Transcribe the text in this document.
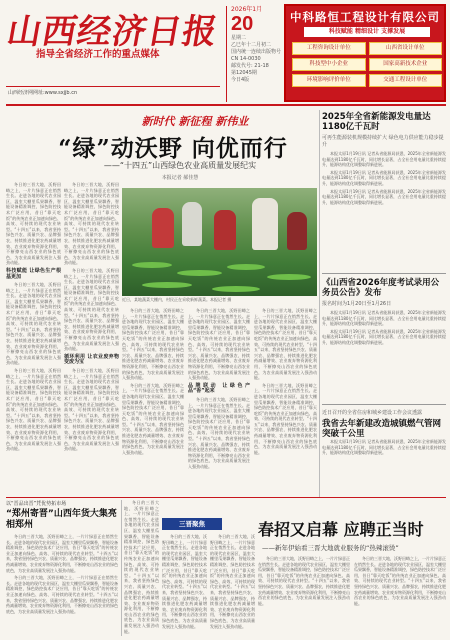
山西经济日报
指导全省经济工作的重点媒体
山西经济网网址:www.sxjjb.cn
2026年1月
20
星期二
乙巳年十二月初二
国内统一连续出版物号
CN 14-0030
邮发代号: 21-18
第12045期
今日4版
中科路恒工程设计有限公司
科技赋能 精细设计 支撑发展
工程咨询设计单位	山西省设计单位
科技型中小企业	国家高新技术企业
环境影响评价单位	交通工程设计单位
新时代 新征程 新伟业
“绿”动沃野 向优而行
——“十四五”山西绿色农业高质量发展纪实
本报记者 郝佳慧

冬日的三晋大地，沃野田畴之上，一片片绿意正在悄然生长。走进各地的现代农业园区，温室大棚里瓜果飘香，智能设备精准调控，绿色防控技术广泛应用，昔日“靠天吃饭”的传统农业正加速向绿色、高效、可持续的现代农业转型。“十四五”以来，我省坚持绿色兴农、质量兴农、品牌强农，持续推进化肥农药减量增效、农业废弃物资源化利用，不断擦亮山西农业的绿色底色，为农业高质量发展注入强劲动能。

科技赋能 让绿色生产根基更加

冬日的三晋大地，沃野田畴之上，一片片绿意正在悄然生长。走进各地的现代农业园区，温室大棚里瓜果飘香，智能设备精准调控，绿色防控技术广泛应用，昔日“靠天吃饭”的传统农业正加速向绿色、高效、可持续的现代农业转型。“十四五”以来，我省坚持绿色兴农、质量兴农、品牌强农，持续推进化肥农药减量增效、农业废弃物资源化利用，不断擦亮山西农业的绿色底色，为农业高质量发展注入强劲动能。

冬日的三晋大地，沃野田畴之上，一片片绿意正在悄然生长。走进各地的现代农业园区，温室大棚里瓜果飘香，智能设备精准调控，绿色防控技术广泛应用，昔日“靠天吃饭”的传统农业正加速向绿色、高效、可持续的现代农业转型。“十四五”以来，我省坚持绿色兴农、质量兴农、品牌强农，持续推进化肥农药减量增效、农业废弃物资源化利用，不断擦亮山西农业的绿色底色，为农业高质量发展注入强劲动能。

冬日的三晋大地，沃野田畴之上，一片片绿意正在悄然生长。走进各地的现代农业园区，温室大棚里瓜果飘香，智能设备精准调控，绿色防控技术广泛应用，昔日“靠天吃饭”的传统农业正加速向绿色、高效、可持续的现代农业转型。“十四五”以来，我省坚持绿色兴农、质量兴农、品牌强农，持续推进化肥农药减量增效、农业废弃物资源化利用，不断擦亮山西农业的绿色底色，为农业高质量发展注入强劲动能。

冬日的三晋大地，沃野田畴之上，一片片绿意正在悄然生长。走进各地的现代农业园区，温室大棚里瓜果飘香，智能设备精准调控，绿色防控技术广泛应用，昔日“靠天吃饭”的传统农业正加速向绿色、高效、可持续的现代农业转型。“十四五”以来，我省坚持绿色兴农、质量兴农、品牌强农，持续推进化肥农药减量增效、农业废弃物资源化利用，不断擦亮山西农业的绿色底色，为农业高质量发展注入强劲动能。

循环利用 让农业废弃物变废为宝

冬日的三晋大地，沃野田畴之上，一片片绿意正在悄然生长。走进各地的现代农业园区，温室大棚里瓜果飘香，智能设备精准调控，绿色防控技术广泛应用，昔日“靠天吃饭”的传统农业正加速向绿色、高效、可持续的现代农业转型。“十四五”以来，我省坚持绿色兴农、质量兴农、品牌强农，持续推进化肥农药减量增效、农业废弃物资源化利用，不断擦亮山西农业的绿色底色，为农业高质量发展注入强劲动能。

近日，某地蔬菜大棚内，村民正在采收新鲜蔬菜。本报记者 摄

冬日的三晋大地，沃野田畴之上，一片片绿意正在悄然生长。走进各地的现代农业园区，温室大棚里瓜果飘香，智能设备精准调控，绿色防控技术广泛应用，昔日“靠天吃饭”的传统农业正加速向绿色、高效、可持续的现代农业转型。“十四五”以来，我省坚持绿色兴农、质量兴农、品牌强农，持续推进化肥农药减量增效、农业废弃物资源化利用，不断擦亮山西农业的绿色底色，为农业高质量发展注入强劲动能。

冬日的三晋大地，沃野田畴之上，一片片绿意正在悄然生长。走进各地的现代农业园区，温室大棚里瓜果飘香，智能设备精准调控，绿色防控技术广泛应用，昔日“靠天吃饭”的传统农业正加速向绿色、高效、可持续的现代农业转型。“十四五”以来，我省坚持绿色兴农、质量兴农、品牌强农，持续推进化肥农药减量增效、农业废弃物资源化利用，不断擦亮山西农业的绿色底色，为农业高质量发展注入强劲动能。

冬日的三晋大地，沃野田畴之上，一片片绿意正在悄然生长。走进各地的现代农业园区，温室大棚里瓜果飘香，智能设备精准调控，绿色防控技术广泛应用，昔日“靠天吃饭”的传统农业正加速向绿色、高效、可持续的现代农业转型。“十四五”以来，我省坚持绿色兴农、质量兴农、品牌强农，持续推进化肥农药减量增效、农业废弃物资源化利用，不断擦亮山西农业的绿色底色，为农业高质量发展注入强劲动能。

品牌联动 让绿色产品“香”起来

冬日的三晋大地，沃野田畴之上，一片片绿意正在悄然生长。走进各地的现代农业园区，温室大棚里瓜果飘香，智能设备精准调控，绿色防控技术广泛应用，昔日“靠天吃饭”的传统农业正加速向绿色、高效、可持续的现代农业转型。“十四五”以来，我省坚持绿色兴农、质量兴农、品牌强农，持续推进化肥农药减量增效、农业废弃物资源化利用，不断擦亮山西农业的绿色底色，为农业高质量发展注入强劲动能。

冬日的三晋大地，沃野田畴之上，一片片绿意正在悄然生长。走进各地的现代农业园区，温室大棚里瓜果飘香，智能设备精准调控，绿色防控技术广泛应用，昔日“靠天吃饭”的传统农业正加速向绿色、高效、可持续的现代农业转型。“十四五”以来，我省坚持绿色兴农、质量兴农、品牌强农，持续推进化肥农药减量增效、农业废弃物资源化利用，不断擦亮山西农业的绿色底色，为农业高质量发展注入强劲动能。

冬日的三晋大地，沃野田畴之上，一片片绿意正在悄然生长。走进各地的现代农业园区，温室大棚里瓜果飘香，智能设备精准调控，绿色防控技术广泛应用，昔日“靠天吃饭”的传统农业正加速向绿色、高效、可持续的现代农业转型。“十四五”以来，我省坚持绿色兴农、质量兴农、品牌强农，持续推进化肥农药减量增效、农业废弃物资源化利用，不断擦亮山西农业的绿色底色，为农业高质量发展注入强劲动能。

2025年全省新能源发电量达1180亿千瓦时
可再生能源装机规模持续扩大 绿色电力供应能力稳步提升

本报太原1月19日讯 记者从省能源局获悉，2025年全省新能源发电量达到1180亿千瓦时，同比增长显著，占全社会用电量比重持续提升，能源结构优化调整取得新进展。

本报太原1月19日讯 记者从省能源局获悉，2025年全省新能源发电量达到1180亿千瓦时，同比增长显著，占全社会用电量比重持续提升，能源结构优化调整取得新进展。

本报太原1月19日讯 记者从省能源局获悉，2025年全省新能源发电量达到1180亿千瓦时，同比增长显著，占全社会用电量比重持续提升，能源结构优化调整取得新进展。

《山西省2026年度考试录用公务员公告》发布
报名时间为1月20日至1月26日

本报太原1月19日讯 记者从省能源局获悉，2025年全省新能源发电量达到1180亿千瓦时，同比增长显著，占全社会用电量比重持续提升，能源结构优化调整取得新进展。

本报太原1月19日讯 记者从省能源局获悉，2025年全省新能源发电量达到1180亿千瓦时，同比增长显著，占全社会用电量比重持续提升，能源结构优化调整取得新进展。

近日召开的全省住房和城乡建设工作会议透露
我省去年新建改造城镇燃气管网突破千公里

本报太原1月19日讯 记者从省能源局获悉，2025年全省新能源发电量达到1180亿千瓦时，同比增长显著，占全社会用电量比重持续提升，能源结构优化调整取得新进展。

以“晋品出晋”凭优势拓市场
“郑州寄晋”山西年货大集亮相郑州

冬日的三晋大地，沃野田畴之上，一片片绿意正在悄然生长。走进各地的现代农业园区，温室大棚里瓜果飘香，智能设备精准调控，绿色防控技术广泛应用，昔日“靠天吃饭”的传统农业正加速向绿色、高效、可持续的现代农业转型。“十四五”以来，我省坚持绿色兴农、质量兴农、品牌强农，持续推进化肥农药减量增效、农业废弃物资源化利用，不断擦亮山西农业的绿色底色，为农业高质量发展注入强劲动能。

冬日的三晋大地，沃野田畴之上，一片片绿意正在悄然生长。走进各地的现代农业园区，温室大棚里瓜果飘香，智能设备精准调控，绿色防控技术广泛应用，昔日“靠天吃饭”的传统农业正加速向绿色、高效、可持续的现代农业转型。“十四五”以来，我省坚持绿色兴农、质量兴农、品牌强农，持续推进化肥农药减量增效、农业废弃物资源化利用，不断擦亮山西农业的绿色底色，为农业高质量发展注入强劲动能。

三晋聚焦

冬日的三晋大地，沃野田畴之上，一片片绿意正在悄然生长。走进各地的现代农业园区，温室大棚里瓜果飘香，智能设备精准调控，绿色防控技术广泛应用，昔日“靠天吃饭”的传统农业正加速向绿色、高效、可持续的现代农业转型。“十四五”以来，我省坚持绿色兴农、质量兴农、品牌强农，持续推进化肥农药减量增效、农业废弃物资源化利用，不断擦亮山西农业的绿色底色，为农业高质量发展注入强劲动能。

冬日的三晋大地，沃野田畴之上，一片片绿意正在悄然生长。走进各地的现代农业园区，温室大棚里瓜果飘香，智能设备精准调控，绿色防控技术广泛应用，昔日“靠天吃饭”的传统农业正加速向绿色、高效、可持续的现代农业转型。“十四五”以来，我省坚持绿色兴农、质量兴农、品牌强农，持续推进化肥农药减量增效、农业废弃物资源化利用，不断擦亮山西农业的绿色底色，为农业高质量发展注入强劲动能。

冬日的三晋大地，沃野田畴之上，一片片绿意正在悄然生长。走进各地的现代农业园区，温室大棚里瓜果飘香，智能设备精准调控，绿色防控技术广泛应用，昔日“靠天吃饭”的传统农业正加速向绿色、高效、可持续的现代农业转型。“十四五”以来，我省坚持绿色兴农、质量兴农、品牌强农，持续推进化肥农药减量增效、农业废弃物资源化利用，不断擦亮山西农业的绿色底色，为农业高质量发展注入强劲动能。

春招又启幕 应聘正当时
——新年伊始看三晋大地就业服务的“热辣滚烫”

冬日的三晋大地，沃野田畴之上，一片片绿意正在悄然生长。走进各地的现代农业园区，温室大棚里瓜果飘香，智能设备精准调控，绿色防控技术广泛应用，昔日“靠天吃饭”的传统农业正加速向绿色、高效、可持续的现代农业转型。“十四五”以来，我省坚持绿色兴农、质量兴农、品牌强农，持续推进化肥农药减量增效、农业废弃物资源化利用，不断擦亮山西农业的绿色底色，为农业高质量发展注入强劲动能。

冬日的三晋大地，沃野田畴之上，一片片绿意正在悄然生长。走进各地的现代农业园区，温室大棚里瓜果飘香，智能设备精准调控，绿色防控技术广泛应用，昔日“靠天吃饭”的传统农业正加速向绿色、高效、可持续的现代农业转型。“十四五”以来，我省坚持绿色兴农、质量兴农、品牌强农，持续推进化肥农药减量增效、农业废弃物资源化利用，不断擦亮山西农业的绿色底色，为农业高质量发展注入强劲动能。
